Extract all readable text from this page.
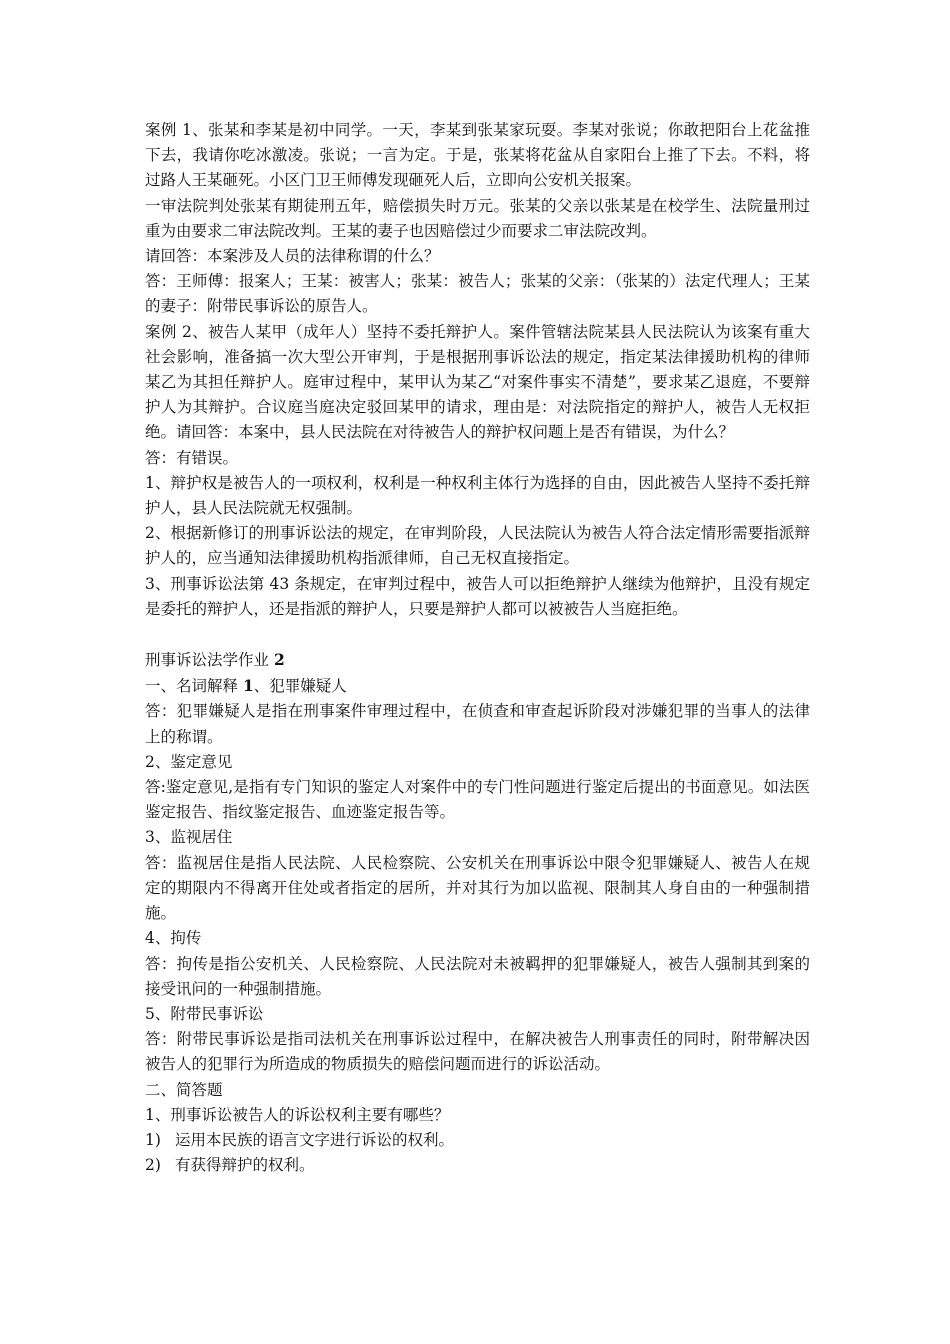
案例 1、张某和李某是初中同学。一天，李某到张某家玩耍。李某对张说；你敢把阳台上花盆推下去，我请你吃冰激凌。张说；一言为定。于是，张某将花盆从自家阳台上推了下去。不料，将过路人王某砸死。小区门卫王师傅发现砸死人后，立即向公安机关报案。

一审法院判处张某有期徒刑五年，赔偿损失时万元。张某的父亲以张某是在校学生、法院量刑过重为由要求二审法院改判。王某的妻子也因赔偿过少而要求二审法院改判。

请回答：本案涉及人员的法律称谓的什么？

答：王师傅：报案人；王某：被害人；张某：被告人；张某的父亲：（张某的）法定代理人；王某的妻子：附带民事诉讼的原告人。

案例 2、被告人某甲（成年人）坚持不委托辩护人。案件管辖法院某县人民法院认为该案有重大社会影响，准备搞一次大型公开审判，于是根据刑事诉讼法的规定，指定某法律援助机构的律师某乙为其担任辩护人。庭审过程中，某甲认为某乙“对案件事实不清楚”，要求某乙退庭，不要辩护人为其辩护。合议庭当庭决定驳回某甲的请求，理由是：对法院指定的辩护人，被告人无权拒绝。请回答：本案中，县人民法院在对待被告人的辩护权问题上是否有错误，为什么？

答：有错误。

1、辩护权是被告人的一项权利，权利是一种权利主体行为选择的自由，因此被告人坚持不委托辩护人，县人民法院就无权强制。

2、根据新修订的刑事诉讼法的规定，在审判阶段，人民法院认为被告人符合法定情形需要指派辩护人的，应当通知法律援助机构指派律师，自己无权直接指定。

3、刑事诉讼法第 43 条规定，在审判过程中，被告人可以拒绝辩护人继续为他辩护，且没有规定是委托的辩护人，还是指派的辩护人，只要是辩护人都可以被被告人当庭拒绝。

刑事诉讼法学作业 2

一、名词解释 1、犯罪嫌疑人

答：犯罪嫌疑人是指在刑事案件审理过程中，在侦查和审查起诉阶段对涉嫌犯罪的当事人的法律上的称谓。

2、鉴定意见

答:鉴定意见,是指有专门知识的鉴定人对案件中的专门性问题进行鉴定后提出的书面意见。如法医鉴定报告、指纹鉴定报告、血迹鉴定报告等。

3、监视居住

答：监视居住是指人民法院、人民检察院、公安机关在刑事诉讼中限令犯罪嫌疑人、被告人在规定的期限内不得离开住处或者指定的居所，并对其行为加以监视、限制其人身自由的一种强制措施。

4、拘传

答：拘传是指公安机关、人民检察院、人民法院对未被羁押的犯罪嫌疑人，被告人强制其到案的接受讯问的一种强制措施。

5、附带民事诉讼

答：附带民事诉讼是指司法机关在刑事诉讼过程中，在解决被告人刑事责任的同时，附带解决因被告人的犯罪行为所造成的物质损失的赔偿问题而进行的诉讼活动。

二、简答题

1、刑事诉讼被告人的诉讼权利主要有哪些？

1) 运用本民族的语言文字进行诉讼的权利。

2) 有获得辩护的权利。
